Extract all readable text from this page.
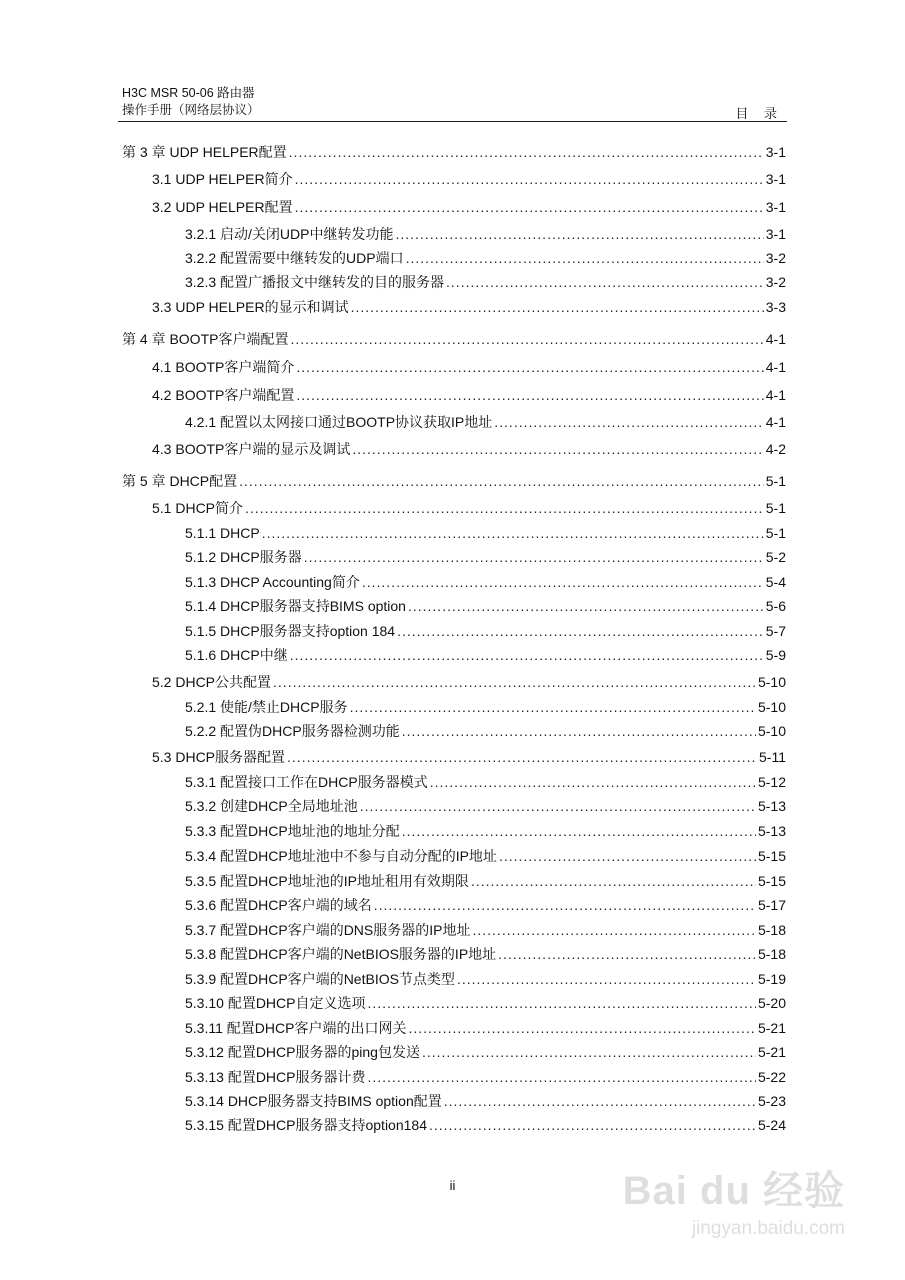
H3C MSR 50-06 路由器
操作手册（网络层协议）	目 录
第 3 章 UDP HELPER配置 .....	3-1
3.1 UDP HELPER简介 .....	3-1
3.2 UDP HELPER配置 .....	3-1
3.2.1 启动/关闭UDP中继转发功能 .....	3-1
3.2.2 配置需要中继转发的UDP端口 .....	3-2
3.2.3 配置广播报文中继转发的目的服务器 .....	3-2
3.3 UDP HELPER的显示和调试 .....	3-3
第 4 章 BOOTP客户端配置 .....	4-1
4.1 BOOTP客户端简介 .....	4-1
4.2 BOOTP客户端配置 .....	4-1
4.2.1 配置以太网接口通过BOOTP协议获取IP地址 .....	4-1
4.3 BOOTP客户端的显示及调试 .....	4-2
第 5 章 DHCP配置 .....	5-1
5.1 DHCP简介 .....	5-1
5.1.1 DHCP .....	5-1
5.1.2 DHCP服务器 .....	5-2
5.1.3 DHCP Accounting简介 .....	5-4
5.1.4 DHCP服务器支持BIMS option .....	5-6
5.1.5 DHCP服务器支持option 184 .....	5-7
5.1.6 DHCP中继 .....	5-9
5.2 DHCP公共配置 .....	5-10
5.2.1 使能/禁止DHCP服务 .....	5-10
5.2.2 配置伪DHCP服务器检测功能 .....	5-10
5.3 DHCP服务器配置 .....	5-11
5.3.1 配置接口工作在DHCP服务器模式 .....	5-12
5.3.2 创建DHCP全局地址池 .....	5-13
5.3.3 配置DHCP地址池的地址分配 .....	5-13
5.3.4 配置DHCP地址池中不参与自动分配的IP地址 .....	5-15
5.3.5 配置DHCP地址池的IP地址租用有效期限 .....	5-15
5.3.6 配置DHCP客户端的域名 .....	5-17
5.3.7 配置DHCP客户端的DNS服务器的IP地址 .....	5-18
5.3.8 配置DHCP客户端的NetBIOS服务器的IP地址 .....	5-18
5.3.9 配置DHCP客户端的NetBIOS节点类型 .....	5-19
5.3.10 配置DHCP自定义选项 .....	5-20
5.3.11 配置DHCP客户端的出口网关 .....	5-21
5.3.12 配置DHCP服务器的ping包发送 .....	5-21
5.3.13 配置DHCP服务器计费 .....	5-22
5.3.14 DHCP服务器支持BIMS option配置 .....	5-23
5.3.15 配置DHCP服务器支持option184 .....	5-24
ii	Bai du 经验
jingyan.baidu.com
